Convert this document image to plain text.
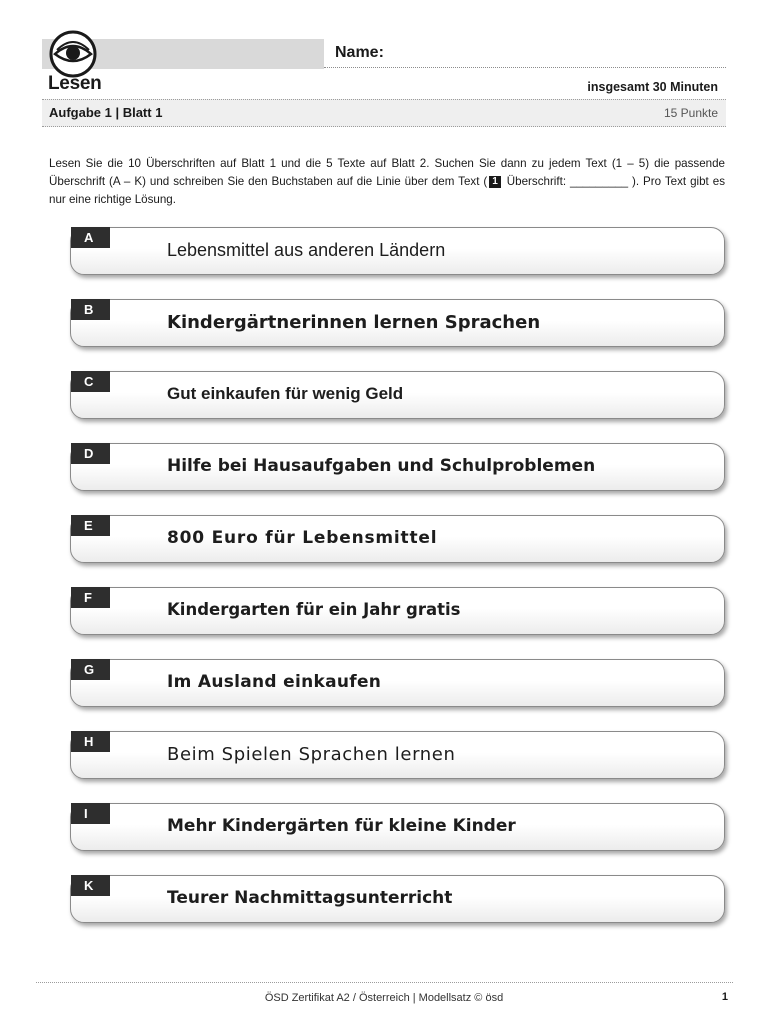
Name:
Lesen	insgesamt 30 Minuten
Aufgabe 1 | Blatt 1	15 Punkte
Lesen Sie die 10 Überschriften auf Blatt 1 und die 5 Texte auf Blatt 2. Suchen Sie dann zu jedem Text (1 – 5) die passende Überschrift (A – K) und schreiben Sie den Buchstaben auf die Linie über dem Text ( 1 Überschrift: _________ ). Pro Text gibt es nur eine richtige Lösung.
Lebensmittel aus anderen Ländern
A
Kindergärtnerinnen lernen Sprachen
B
Gut einkaufen für wenig Geld
C
Hilfe bei Hausaufgaben und Schulproblemen
D
800 Euro für Lebensmittel
E
Kindergarten für ein Jahr gratis
F
Im Ausland einkaufen
G
Beim Spielen Sprachen lernen
H
Mehr Kindergärten für kleine Kinder
I
Teurer Nachmittagsunterricht
K
ÖSD Zertifikat A2 / Österreich | Modellsatz © ösd	1
